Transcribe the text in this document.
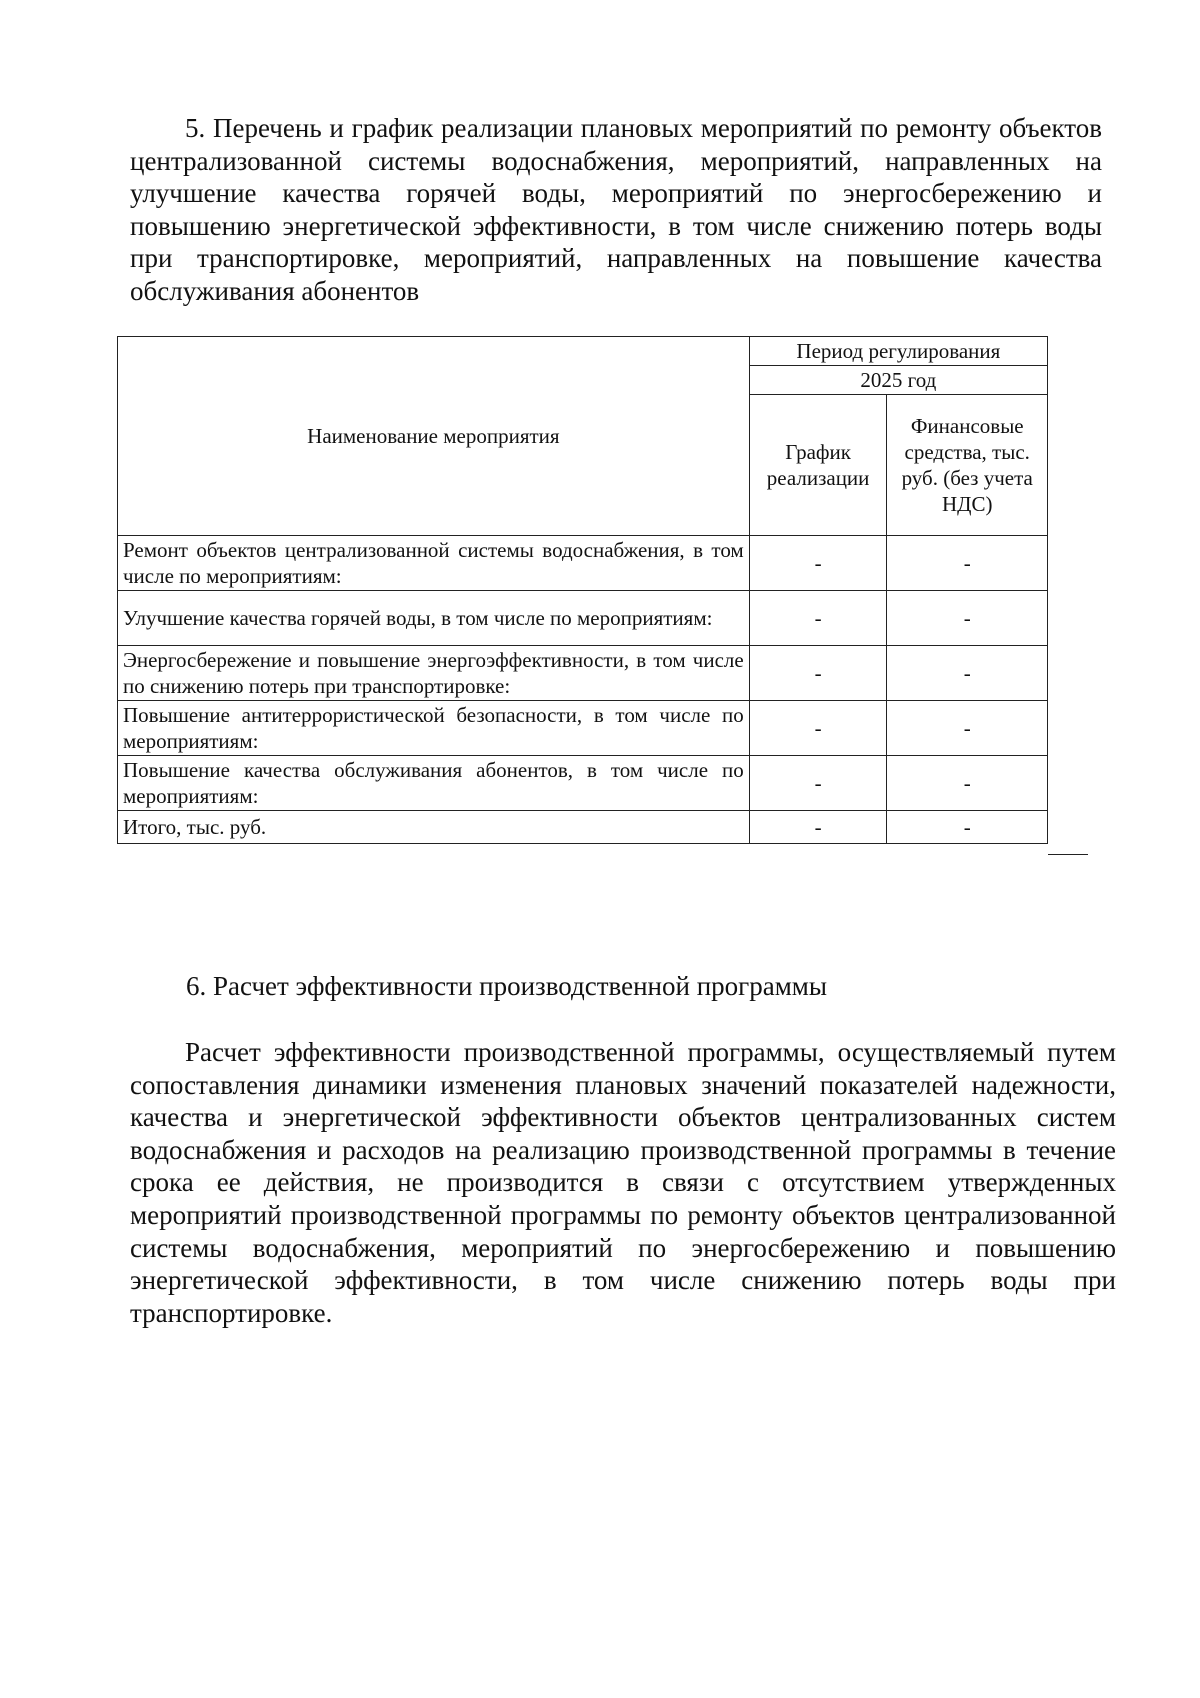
5. Перечень и график реализации плановых мероприятий по ремонту объектов централизованной системы водоснабжения, мероприятий, направленных на улучшение качества горячей воды, мероприятий по энергосбережению и повышению энергетической эффективности, в том числе снижению потерь воды при транспортировке, мероприятий, направленных на повышение качества обслуживания абонентов

Наименование мероприятия	Период регулирования	
	2025 год	
	График реализации	Финансовые средства, тыс. руб. (без учета НДС)
Ремонт объектов централизованной системы водоснабжения, в том числе по мероприятиям:	-	-
Улучшение качества горячей воды, в том числе по мероприятиям:	-	-
Энергосбережение и повышение энергоэффективности, в том числе по снижению потерь при транспортировке:	-	-
Повышение антитеррористической безопасности, в том числе по мероприятиям:	-	-
Повышение качества обслуживания абонентов, в том числе по мероприятиям:	-	-
Итого, тыс. руб.	-	-

6. Расчет эффективности производственной программы

Расчет эффективности производственной программы, осуществляемый путем сопоставления динамики изменения плановых значений показателей надежности, качества и энергетической эффективности объектов централизованных систем водоснабжения и расходов на реализацию производственной программы в течение срока ее действия, не производится в связи с отсутствием утвержденных мероприятий производственной программы по ремонту объектов централизованной системы водоснабжения, мероприятий по энергосбережению и повышению энергетической эффективности, в том числе снижению потерь воды при транспортировке.
